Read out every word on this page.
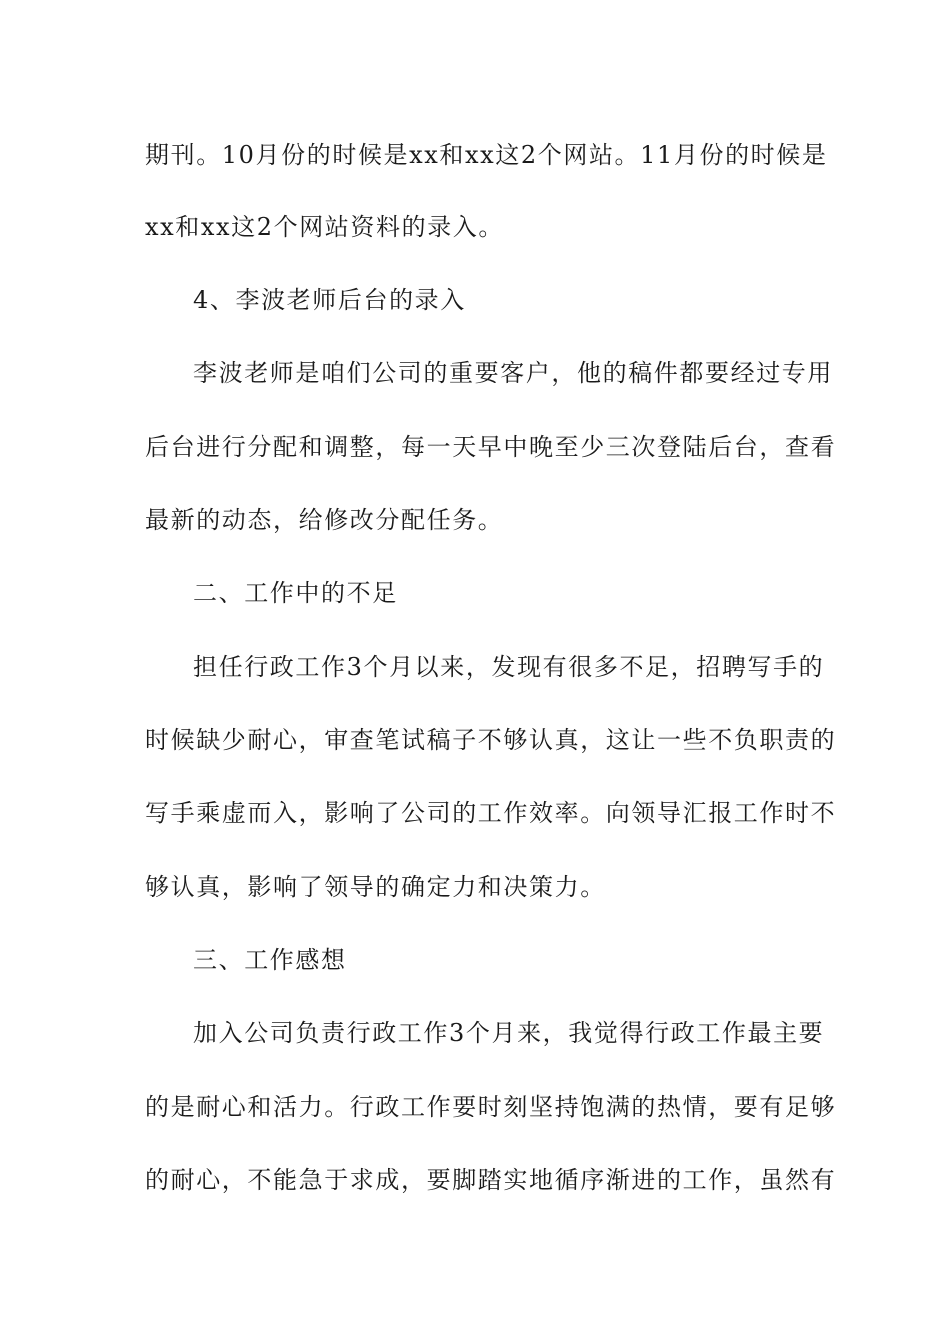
期刊。10月份的时候是xx和xx这2个网站。11月份的时候是
xx和xx这2个网站资料的录入。
4、李波老师后台的录入
李波老师是咱们公司的重要客户，他的稿件都要经过专用
后台进行分配和调整，每一天早中晚至少三次登陆后台，查看
最新的动态，给修改分配任务。
二、工作中的不足
担任行政工作3个月以来，发现有很多不足，招聘写手的
时候缺少耐心，审查笔试稿子不够认真，这让一些不负职责的
写手乘虚而入，影响了公司的工作效率。向领导汇报工作时不
够认真，影响了领导的确定力和决策力。
三、工作感想
加入公司负责行政工作3个月来，我觉得行政工作最主要
的是耐心和活力。行政工作要时刻坚持饱满的热情，要有足够
的耐心，不能急于求成，要脚踏实地循序渐进的工作，虽然有
